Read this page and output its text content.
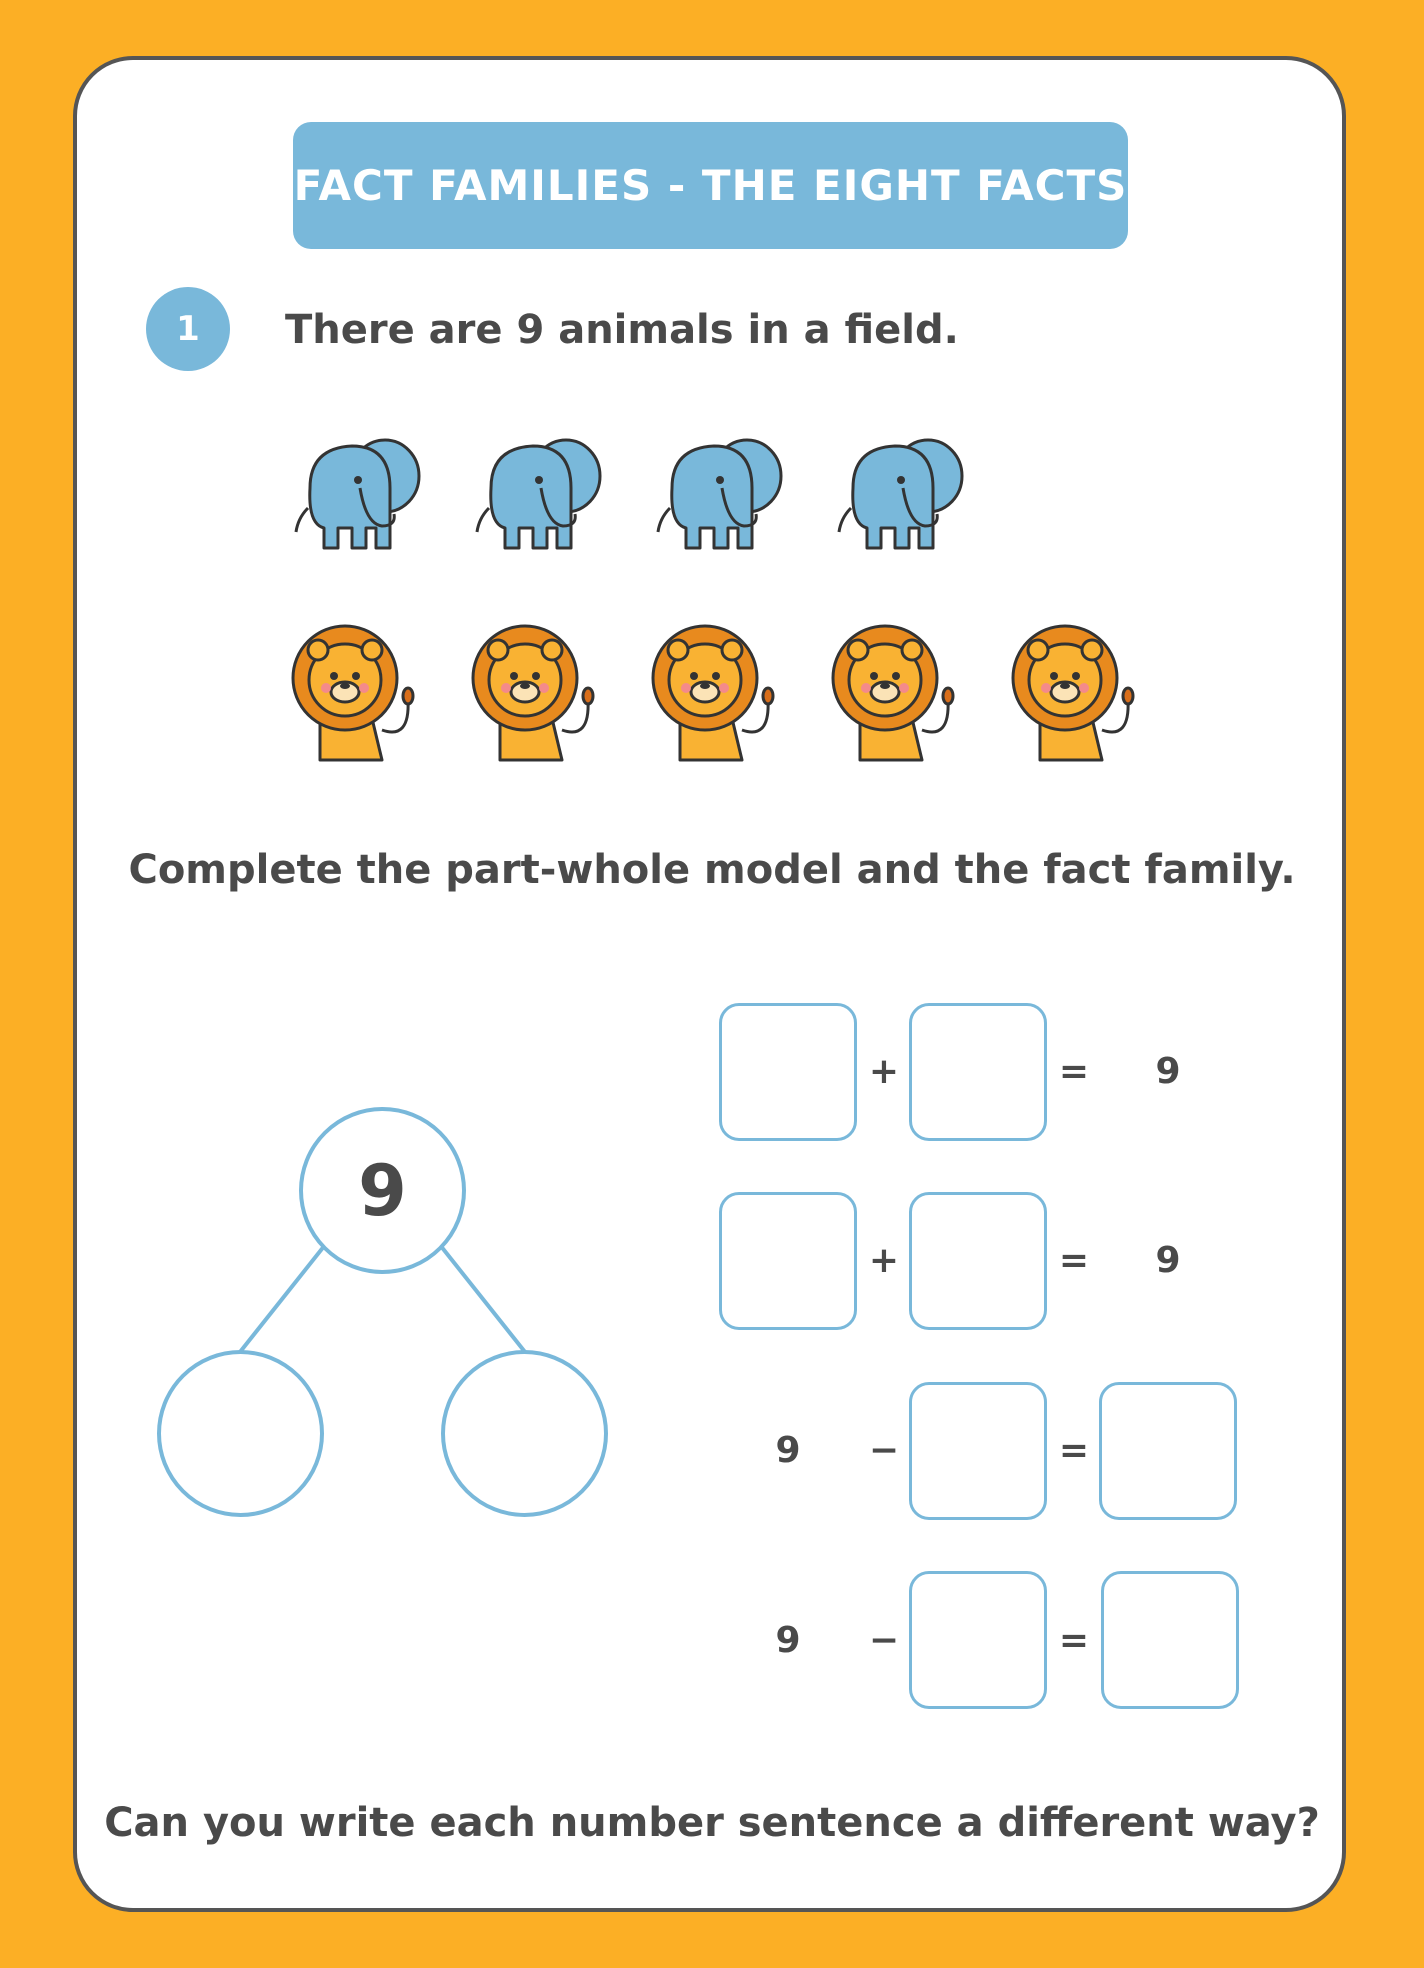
FACT FAMILIES - THE EIGHT FACTS
1	There are 9 animals in a field.
Complete the part-whole model and the fact family.
9
+	=	9
+	=	9
9	−	=
9	−	=
Can you write each number sentence a different way?
